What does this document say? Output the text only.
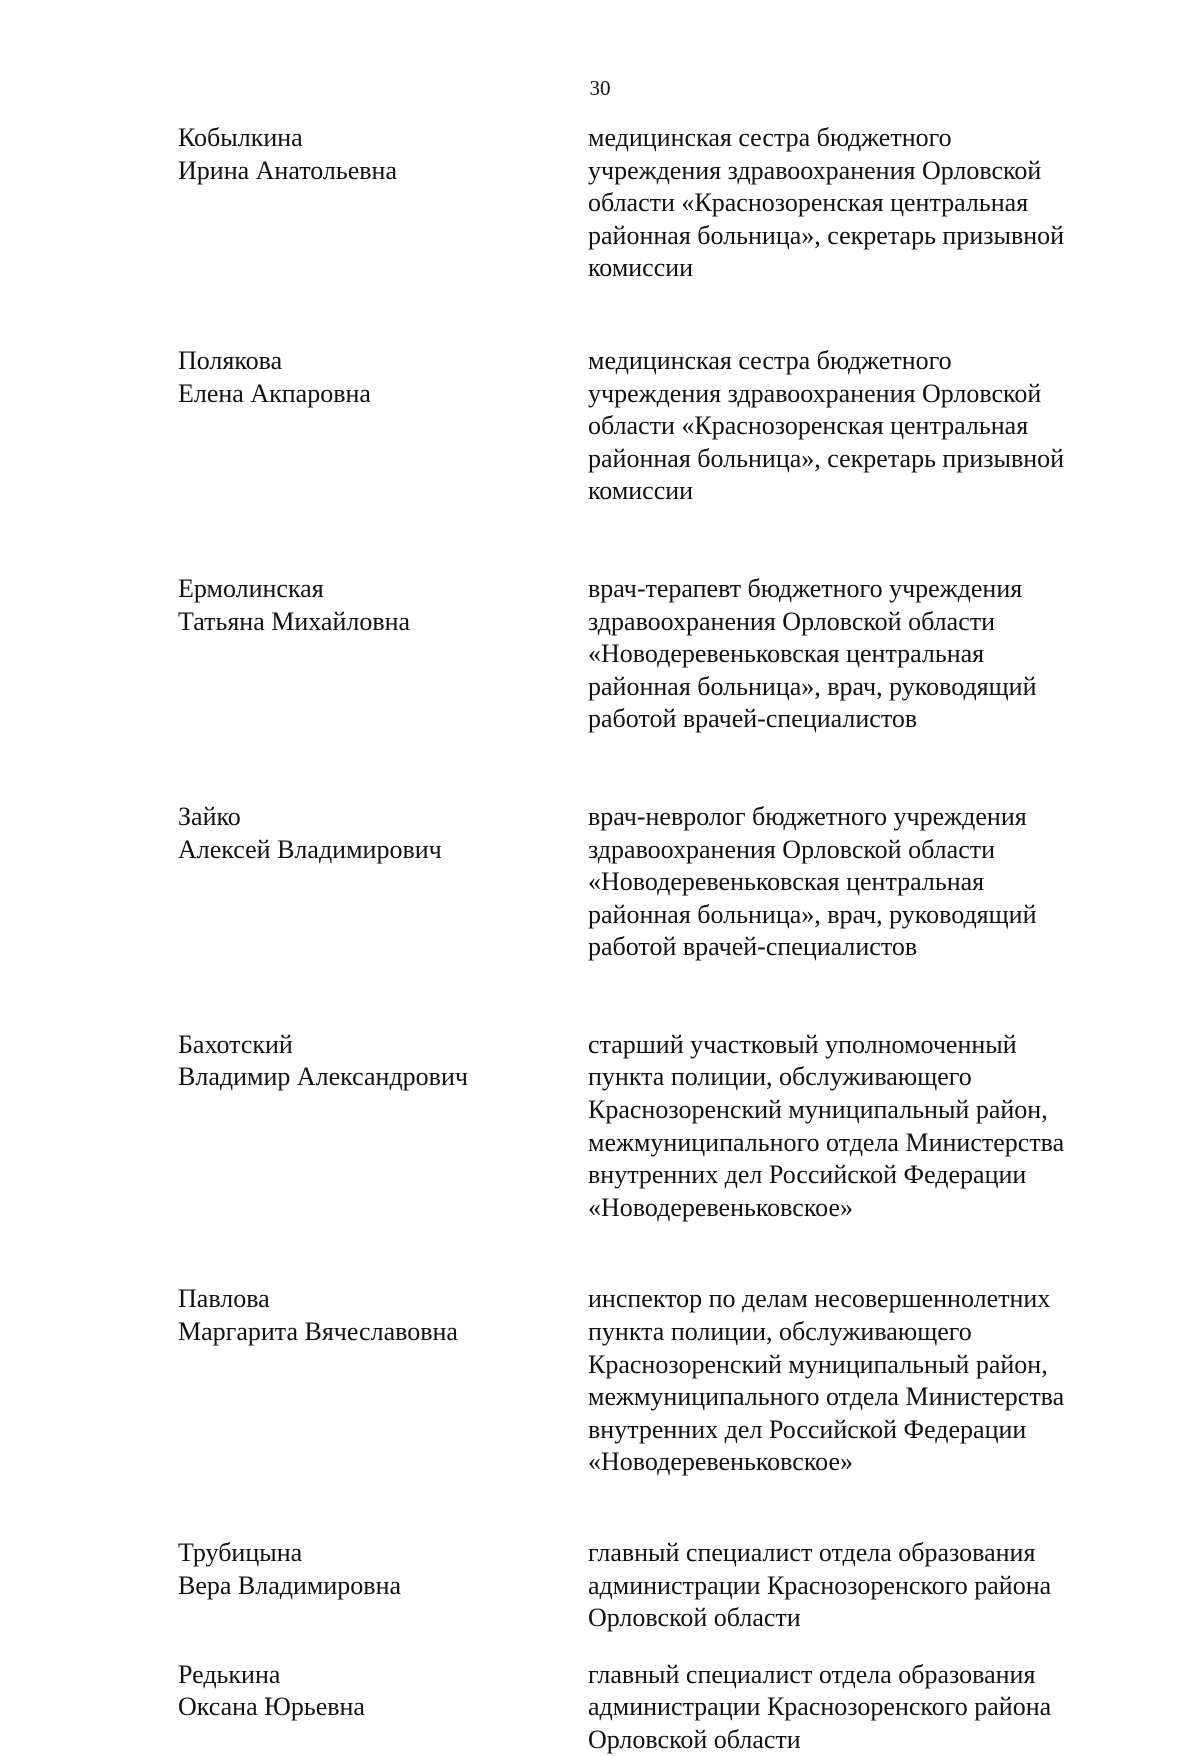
30
Кобылкина
Ирина Анатольевна
медицинская сестра бюджетного
учреждения здравоохранения Орловской
области «Краснозоренская центральная
районная больница», секретарь призывной
комиссии
Полякова
Елена Акпаровна
медицинская сестра бюджетного
учреждения здравоохранения Орловской
области «Краснозоренская центральная
районная больница», секретарь призывной
комиссии
Ермолинская
Татьяна Михайловна
врач-терапевт бюджетного учреждения
здравоохранения Орловской области
«Новодеревеньковская центральная
районная больница», врач, руководящий
работой врачей-специалистов
Зайко
Алексей Владимирович
врач-невролог бюджетного учреждения
здравоохранения Орловской области
«Новодеревеньковская центральная
районная больница», врач, руководящий
работой врачей-специалистов
Бахотский
Владимир Александрович
старший участковый уполномоченный
пункта полиции, обслуживающего
Краснозоренский муниципальный район,
межмуниципального отдела Министерства
внутренних дел Российской Федерации
«Новодеревеньковское»
Павлова
Маргарита Вячеславовна
инспектор по делам несовершеннолетних
пункта полиции, обслуживающего
Краснозоренский муниципальный район,
межмуниципального отдела Министерства
внутренних дел Российской Федерации
«Новодеревеньковское»
Трубицына
Вера Владимировна
главный специалист отдела образования
администрации Краснозоренского района
Орловской области
Редькина
Оксана Юрьевна
главный специалист отдела образования
администрации Краснозоренского района
Орловской области
